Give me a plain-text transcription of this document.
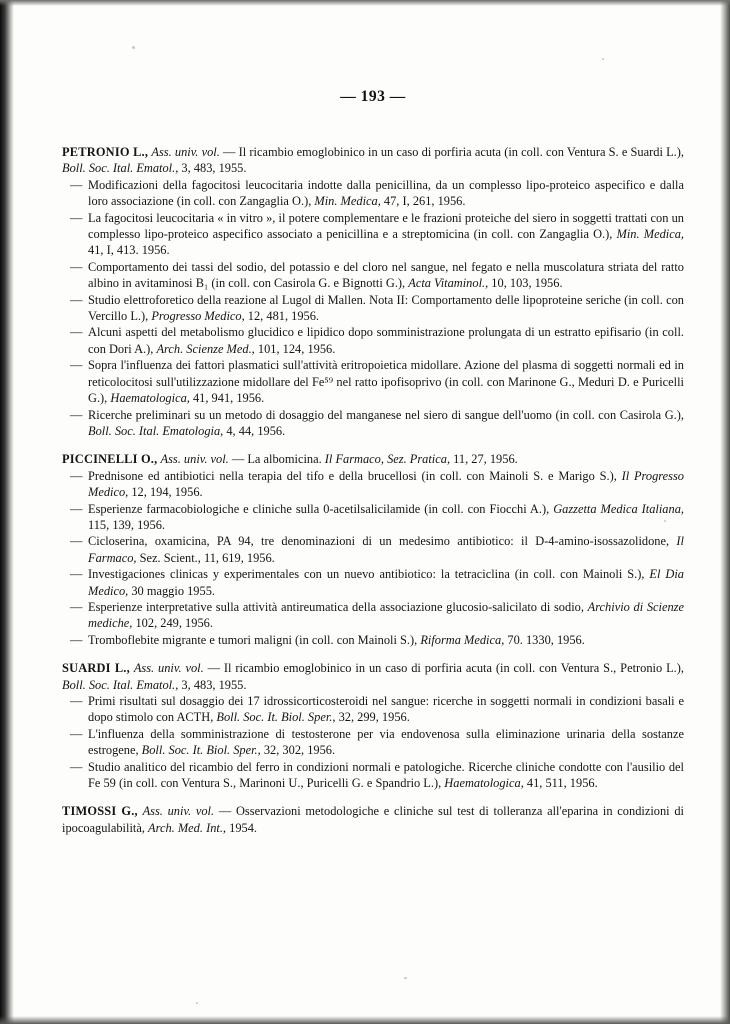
— 193 —

PETRONIO L., Ass. univ. vol. — Il ricambio emoglobinico in un caso di porfiria acuta (in coll. con Ventura S. e Suardi L.), Boll. Soc. Ital. Ematol., 3, 483, 1955.

— Modificazioni della fagocitosi leucocitaria indotte dalla penicillina, da un complesso lipo-proteico aspecifico e dalla loro associazione (in coll. con Zangaglia O.), Min. Medica, 47, I, 261, 1956.

— La fagocitosi leucocitaria « in vitro », il potere complementare e le frazioni proteiche del siero in soggetti trattati con un complesso lipo-proteico aspecifico associato a penicillina e a streptomicina (in coll. con Zangaglia O.), Min. Medica, 41, I, 413. 1956.

— Comportamento dei tassi del sodio, del potassio e del cloro nel sangue, nel fegato e nella muscolatura striata del ratto albino in avitaminosi B₁ (in coll. con Casirola G. e Bignotti G.), Acta Vitaminol., 10, 103, 1956.

— Studio elettroforetico della reazione al Lugol di Mallen. Nota II: Comportamento delle lipoproteine seriche (in coll. con Vercillo L.), Progresso Medico, 12, 481, 1956.

— Alcuni aspetti del metabolismo glucidico e lipidico dopo somministrazione prolungata di un estratto epifisario (in coll. con Dori A.), Arch. Scienze Med., 101, 124, 1956.

— Sopra l'influenza dei fattori plasmatici sull'attività eritropoietica midollare. Azione del plasma di soggetti normali ed in reticolocitosi sull'utilizzazione midollare del Fe⁵⁹ nel ratto ipofisoprivo (in coll. con Marinone G., Meduri D. e Puricelli G.), Haematologica, 41, 941, 1956.

— Ricerche preliminari su un metodo di dosaggio del manganese nel siero di sangue dell'uomo (in coll. con Casirola G.), Boll. Soc. Ital. Ematologia, 4, 44, 1956.

PICCINELLI O., Ass. univ. vol. — La albomicina. Il Farmaco, Sez. Pratica, 11, 27, 1956.

— Prednisone ed antibiotici nella terapia del tifo e della brucellosi (in coll. con Mainoli S. e Marigo S.), Il Progresso Medico, 12, 194, 1956.

— Esperienze farmacobiologiche e cliniche sulla 0-acetilsalicilamide (in coll. con Fiocchi A.), Gazzetta Medica Italiana, 115, 139, 1956.

— Cicloserina, oxamicina, PA 94, tre denominazioni di un medesimo antibiotico: il D-4-amino-isossazolidone, Il Farmaco, Sez. Scient., 11, 619, 1956.

— Investigaciones clinicas y experimentales con un nuevo antibiotico: la tetraciclina (in coll. con Mainoli S.), El Dia Medico, 30 maggio 1955.

— Esperienze interpretative sulla attività antireumatica della associazione glucosio-salicilato di sodio, Archivio di Scienze mediche, 102, 249, 1956.

— Tromboflebite migrante e tumori maligni (in coll. con Mainoli S.), Riforma Medica, 70. 1330, 1956.

SUARDI L., Ass. univ. vol. — Il ricambio emoglobinico in un caso di porfiria acuta (in coll. con Ventura S., Petronio L.), Boll. Soc. Ital. Ematol., 3, 483, 1955.

— Primi risultati sul dosaggio dei 17 idrossicorticosteroidi nel sangue: ricerche in soggetti normali in condizioni basali e dopo stimolo con ACTH, Boll. Soc. It. Biol. Sper., 32, 299, 1956.

— L'influenza della somministrazione di testosterone per via endovenosa sulla eliminazione urinaria della sostanze estrogene, Boll. Soc. It. Biol. Sper., 32, 302, 1956.

— Studio analitico del ricambio del ferro in condizioni normali e patologiche. Ricerche cliniche condotte con l'ausilio del Fe 59 (in coll. con Ventura S., Marinoni U., Puricelli G. e Spandrio L.), Haematologica, 41, 511, 1956.

TIMOSSI G., Ass. univ. vol. — Osservazioni metodologiche e cliniche sul test di tolleranza all'eparina in condizioni di ipocoagulabilità, Arch. Med. Int., 1954.
